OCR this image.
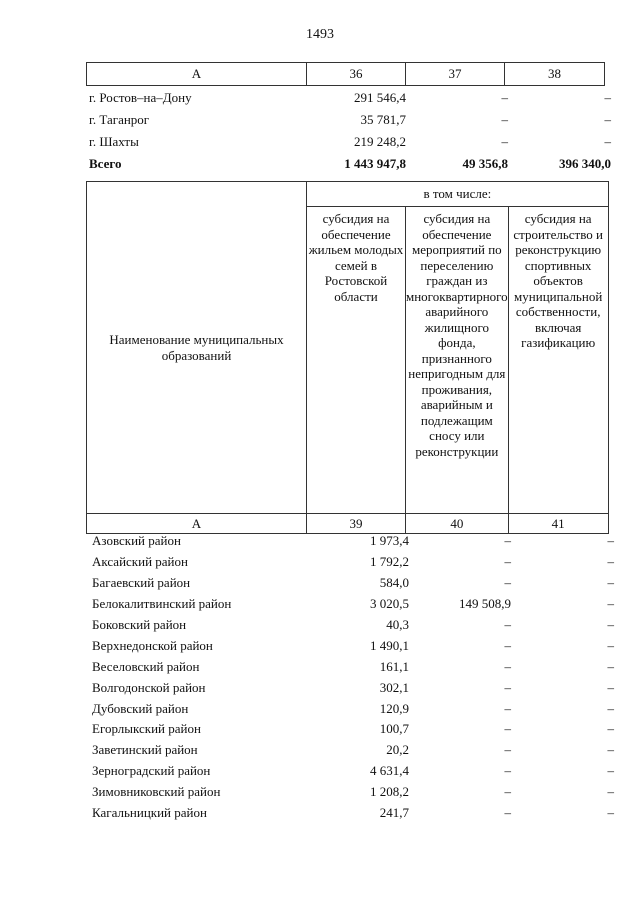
1493
А	36	37	38
г. Ростов–на–Дону	291 546,4	–	–
г. Таганрог	35 781,7	–	–
г. Шахты	219 248,2	–	–
Всего	1 443 947,8	49 356,8	396 340,0
Наименование муниципальных образований	в том числе:		
	субсидия на обеспечение жильем молодых семей в Ростовской области	субсидия на обеспечение мероприятий по переселению граждан из многоквартирного аварийного жилищного фонда, признанного непригодным для проживания, аварийным и подлежащим сносу или реконструкции	субсидия на строительство и реконструкцию спортивных объектов муниципальной собственности, включая газификацию
А	39	40	41
Азовский район	1 973,4	–	–
Аксайский район	1 792,2	–	–
Багаевский район	584,0	–	–
Белокалитвинский район	3 020,5	149 508,9	–
Боковский район	40,3	–	–
Верхнедонской район	1 490,1	–	–
Веселовский район	161,1	–	–
Волгодонской район	302,1	–	–
Дубовский район	120,9	–	–
Егорлыкский район	100,7	–	–
Заветинский район	20,2	–	–
Зерноградский район	4 631,4	–	–
Зимовниковский район	1 208,2	–	–
Кагальницкий район	241,7	–	–
